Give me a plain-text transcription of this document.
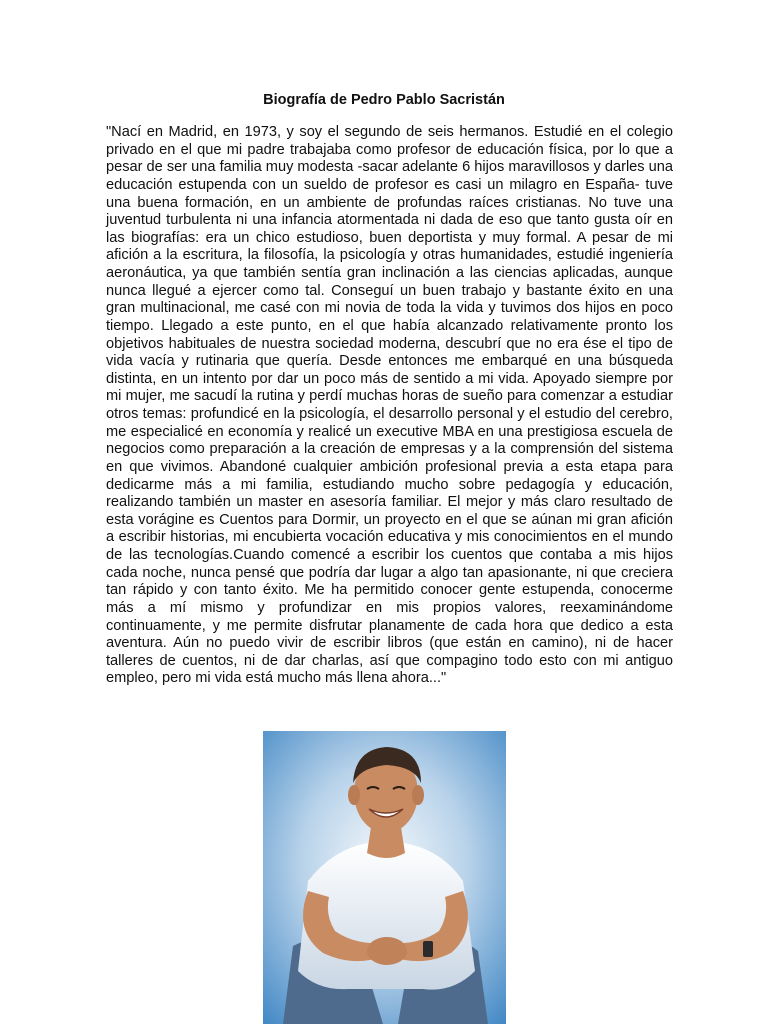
Biografía de Pedro Pablo Sacristán

"Nací en Madrid, en 1973, y soy el segundo de seis hermanos. Estudié en el colegio privado en el que mi padre trabajaba como profesor de educación física, por lo que a pesar de ser una familia muy modesta -sacar adelante 6 hijos maravillosos y darles una educación estupenda con un sueldo de profesor es casi un milagro en España- tuve una buena formación, en un ambiente de profundas raíces cristianas. No tuve una juventud turbulenta ni una infancia atormentada ni dada de eso que tanto gusta oír en las biografías: era un chico estudioso, buen deportista y muy formal. A pesar de mi afición a la escritura, la filosofía, la psicología y otras humanidades, estudié ingeniería aeronáutica, ya que también sentía gran inclinación a las ciencias aplicadas, aunque nunca llegué a ejercer como tal. Conseguí un buen trabajo y bastante éxito en una gran multinacional, me casé con mi novia de toda la vida y tuvimos dos hijos en poco tiempo. Llegado a este punto, en el que había alcanzado relativamente pronto los objetivos habituales de nuestra sociedad moderna, descubrí que no era ése el tipo de vida vacía y rutinaria que quería. Desde entonces me embarqué en una búsqueda distinta, en un intento por dar un poco más de sentido a mi vida. Apoyado siempre por mi mujer, me sacudí la rutina y perdí muchas horas de sueño para comenzar a estudiar otros temas: profundicé en la psicología, el desarrollo personal y el estudio del cerebro, me especialicé en economía y realicé un executive MBA en una prestigiosa escuela de negocios como preparación a la creación de empresas y a la comprensión del sistema en que vivimos. Abandoné cualquier ambición profesional previa a esta etapa para dedicarme más a mi familia, estudiando mucho sobre pedagogía y educación, realizando también un master en asesoría familiar. El mejor y más claro resultado de esta vorágine es Cuentos para Dormir, un proyecto en el que se aúnan mi gran afición a escribir historias, mi encubierta vocación educativa y mis conocimientos en el mundo de las tecnologías.Cuando comencé a escribir los cuentos que contaba a mis hijos cada noche, nunca pensé que podría dar lugar a algo tan apasionante, ni que creciera tan rápido y con tanto éxito. Me ha permitido conocer gente estupenda, conocerme más a mí mismo y profundizar en mis propios valores, reexaminándome continuamente, y me permite disfrutar planamente de cada hora que dedico a esta aventura. Aún no puedo vivir de escribir libros (que están en camino), ni de hacer talleres de cuentos, ni de dar charlas, así que compagino todo esto con mi antiguo empleo, pero mi vida está mucho más llena ahora..."
